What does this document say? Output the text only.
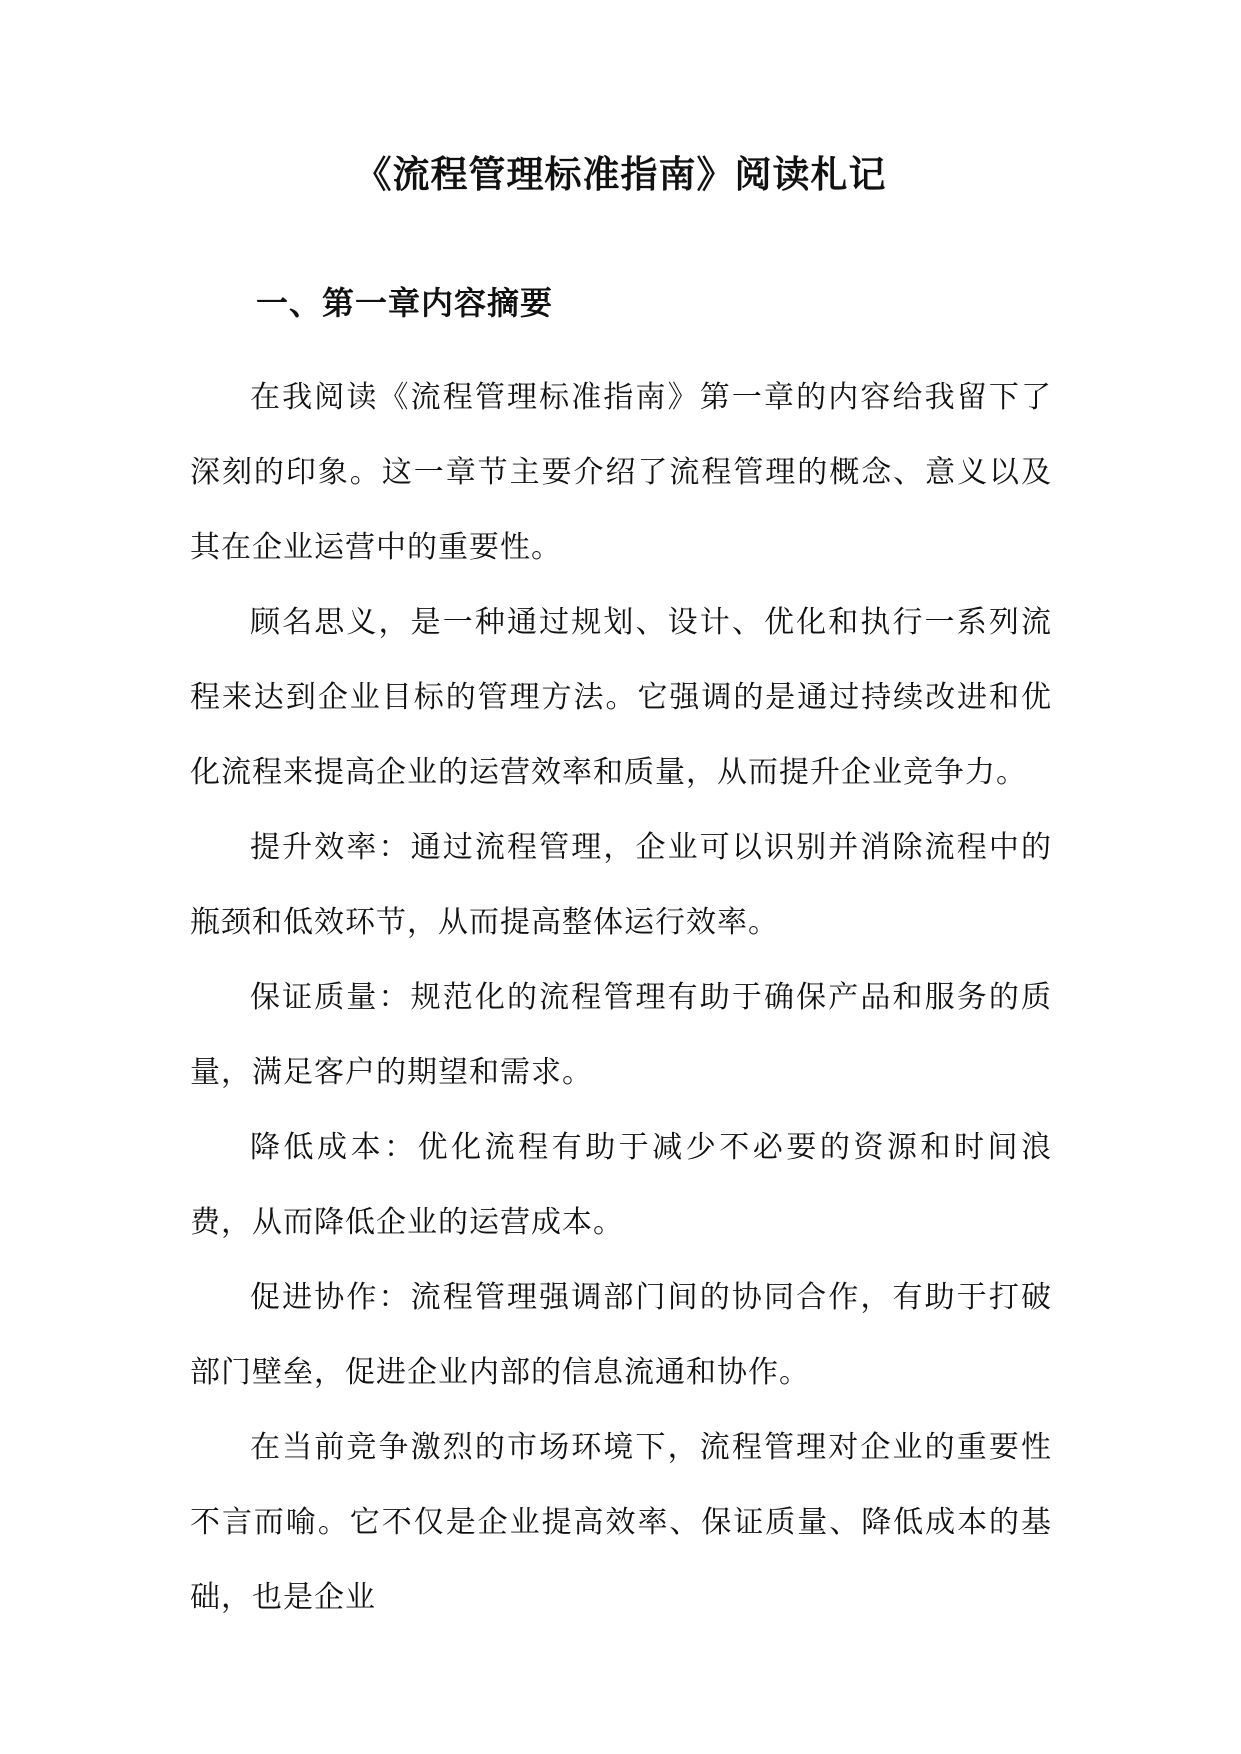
《流程管理标准指南》阅读札记
一、第一章内容摘要

在我阅读《流程管理标准指南》第一章的内容给我留下了深刻的印象。这一章节主要介绍了流程管理的概念、意义以及其在企业运营中的重要性。

顾名思义，是一种通过规划、设计、优化和执行一系列流程来达到企业目标的管理方法。它强调的是通过持续改进和优化流程来提高企业的运营效率和质量，从而提升企业竞争力。

提升效率：通过流程管理，企业可以识别并消除流程中的瓶颈和低效环节，从而提高整体运行效率。

保证质量：规范化的流程管理有助于确保产品和服务的质量，满足客户的期望和需求。

降低成本：优化流程有助于减少不必要的资源和时间浪费，从而降低企业的运营成本。

促进协作：流程管理强调部门间的协同合作，有助于打破部门壁垒，促进企业内部的信息流通和协作。

在当前竞争激烈的市场环境下，流程管理对企业的重要性不言而喻。它不仅是企业提高效率、保证质量、降低成本的基础，也是企业
